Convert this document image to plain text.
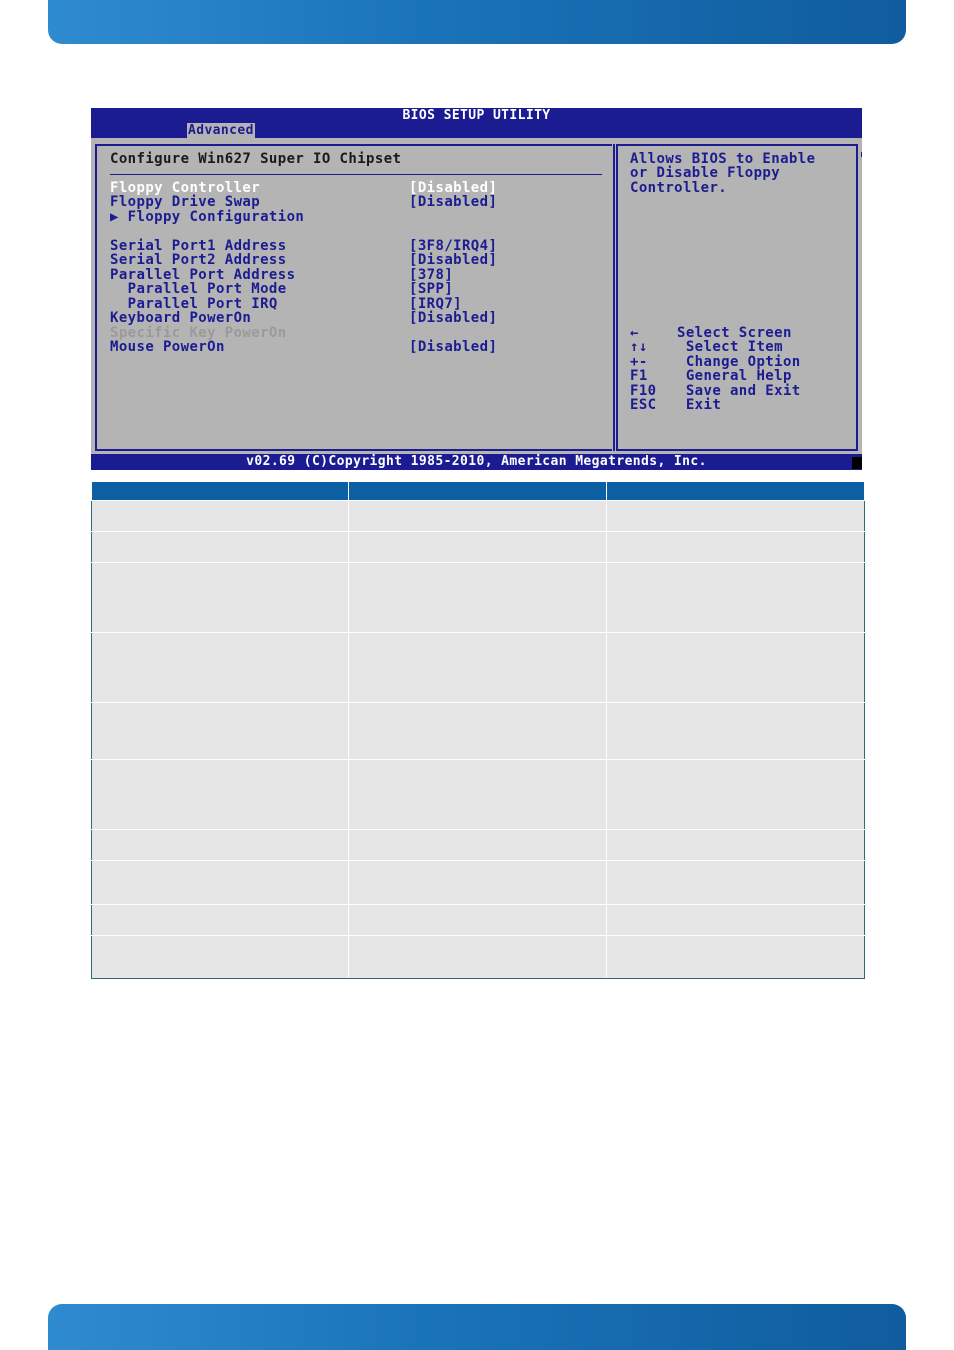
BIOS SETUP UTILITY
Advanced
Configure Win627 Super IO Chipset
Floppy Controller	[Disabled]
Floppy Drive Swap	[Disabled]
▶ Floppy Configuration
Serial Port1 Address	[3F8/IRQ4]
Serial Port2 Address	[Disabled]
Parallel Port Address	[378]
Parallel Port Mode	[SPP]
Parallel Port IRQ	[IRQ7]
Keyboard PowerOn	[Disabled]
Specific Key PowerOn
Mouse PowerOn	[Disabled]
Allows BIOS to Enable
or Disable Floppy
Controller.
←	Select Screen
↑↓ Select Item
+- Change Option
F1 General Help
F10 Save and Exit
ESC Exit
v02.69 (C)Copyright 1985-2010, American Megatrends, Inc.
